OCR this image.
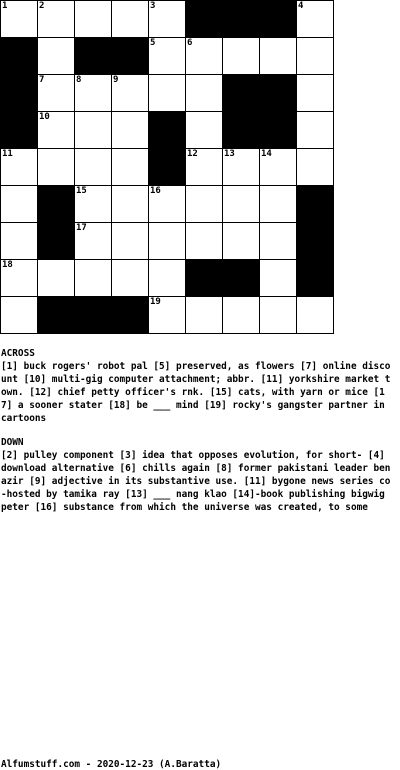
1	2	3	4
5	6
7	8	9
10
11	12	13	14
15	16
17
18
19
ACROSS
[1] buck rogers' robot pal [5] preserved, as flowers [7] online discount [10] multi-gig computer attachment; abbr. [11] yorkshire market town. [12] chief petty officer's rnk. [15] cats, with yarn or mice [17] a sooner stater [18] be ___ mind [19] rocky's gangster partner in cartoons
DOWN
[2] pulley component [3] idea that opposes evolution, for short- [4] download alternative [6] chills again [8] former pakistani leader benazir [9] adjective in its substantive use. [11] bygone news series co-hosted by tamika ray [13] ___ nang klao [14]-book publishing bigwig peter [16] substance from which the universe was created, to some
Alfumstuff.com - 2020-12-23 (A.Baratta)
